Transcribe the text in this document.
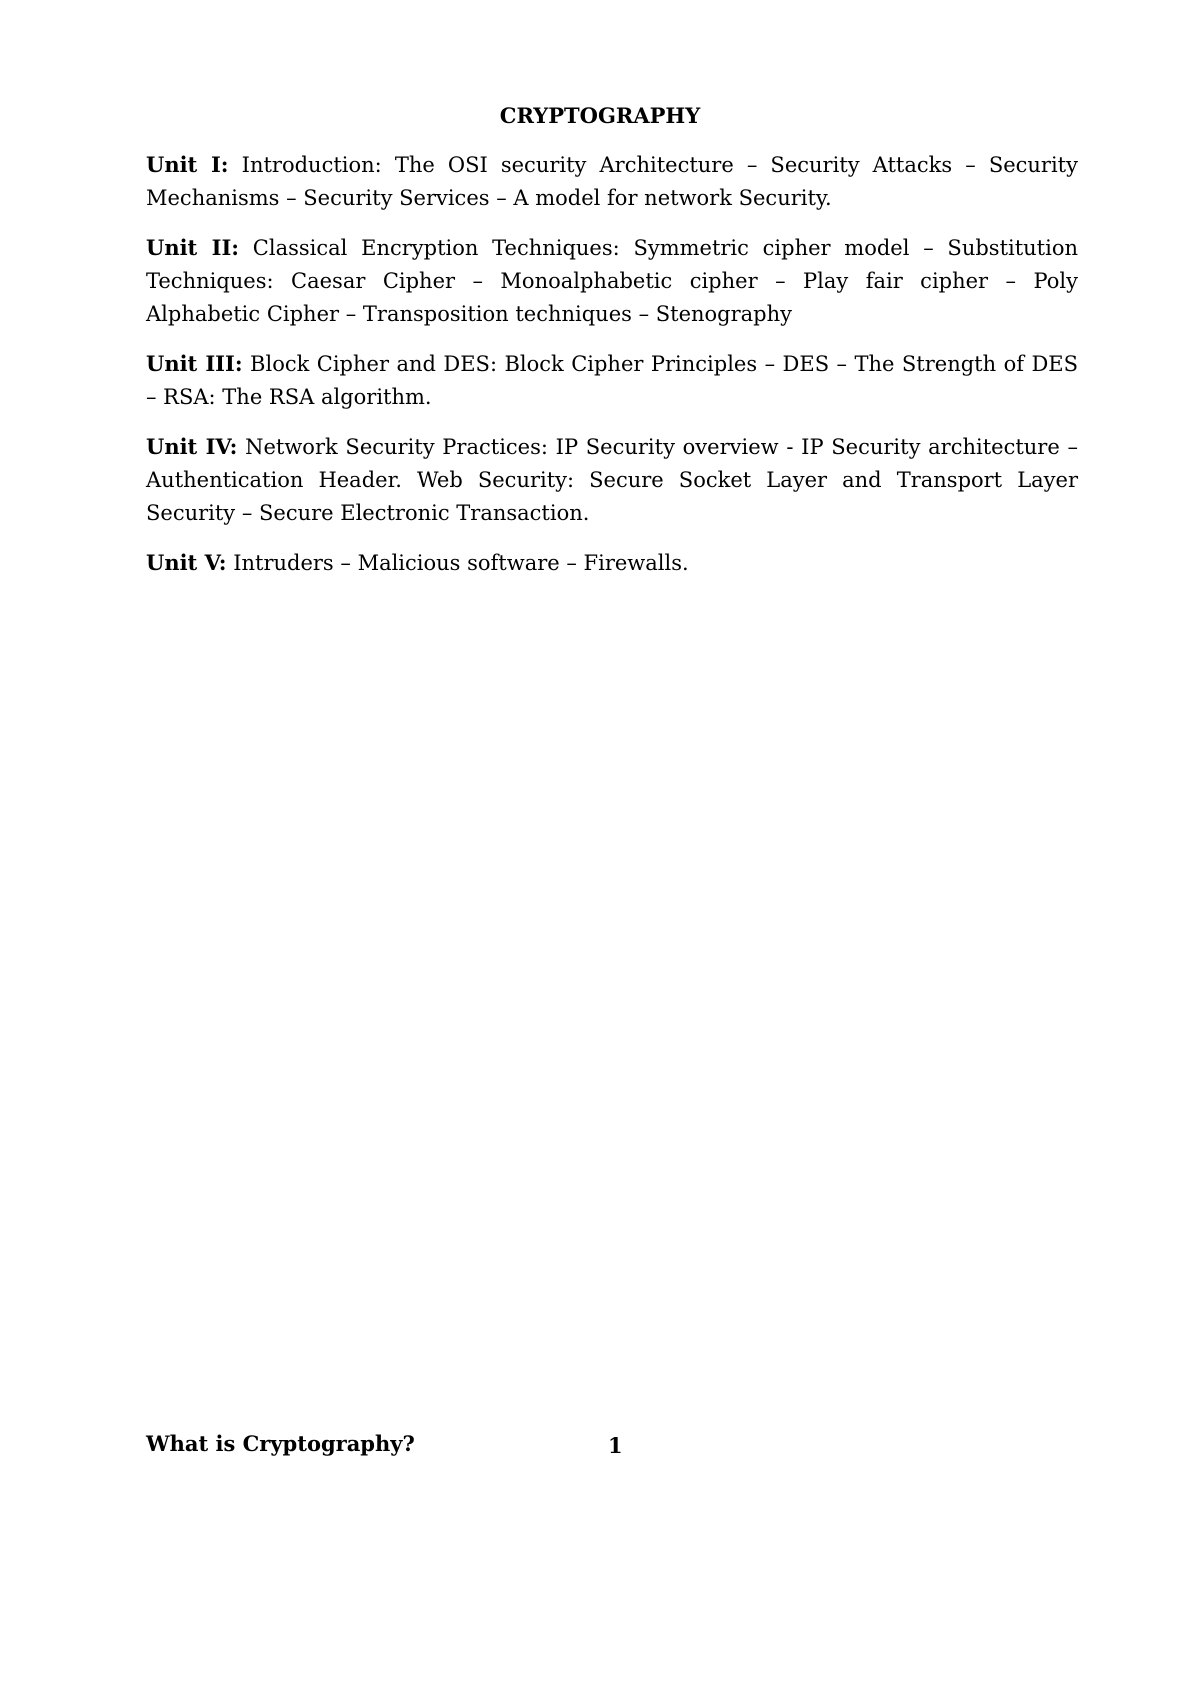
CRYPTOGRAPHY

Unit I: Introduction: The OSI security Architecture – Security Attacks – Security Mechanisms – Security Services – A model for network Security.

Unit II: Classical Encryption Techniques: Symmetric cipher model – Substitution Techniques: Caesar Cipher – Monoalphabetic cipher – Play fair cipher – Poly Alphabetic Cipher – Transposition techniques – Stenography

Unit III: Block Cipher and DES: Block Cipher Principles – DES – The Strength of DES – RSA: The RSA algorithm.

Unit IV: Network Security Practices: IP Security overview - IP Security architecture – Authentication Header. Web Security: Secure Socket Layer and Transport Layer Security – Secure Electronic Transaction.

Unit V: Intruders – Malicious software – Firewalls.

What is Cryptography?	1
